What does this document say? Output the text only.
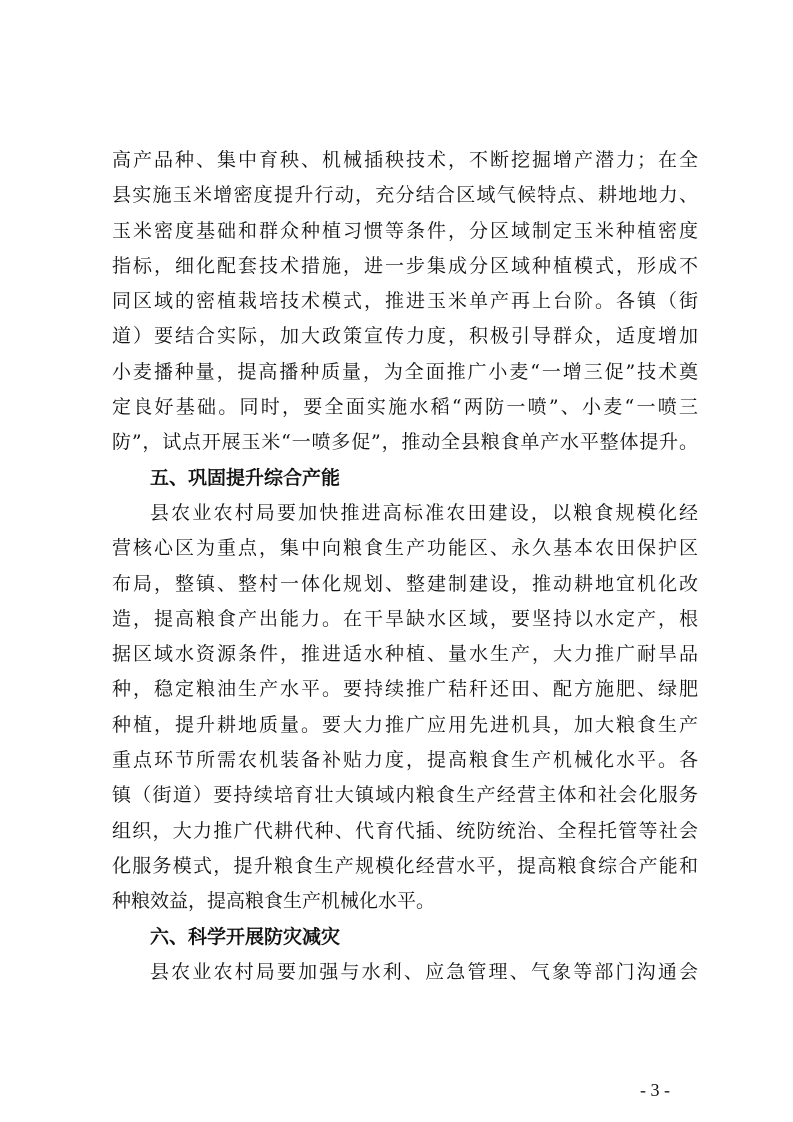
高产品种、集中育秧、机械插秧技术，不断挖掘增产潜力；在全
县实施玉米增密度提升行动，充分结合区域气候特点、耕地地力、
玉米密度基础和群众种植习惯等条件，分区域制定玉米种植密度
指标，细化配套技术措施，进一步集成分区域种植模式，形成不
同区域的密植栽培技术模式，推进玉米单产再上台阶。各镇（街
道）要结合实际，加大政策宣传力度，积极引导群众，适度增加
小麦播种量，提高播种质量，为全面推广小麦“一增三促”技术奠
定良好基础。同时，要全面实施水稻“两防一喷”、小麦“一喷三
防”，试点开展玉米“一喷多促”，推动全县粮食单产水平整体提升。
五、巩固提升综合产能
县农业农村局要加快推进高标准农田建设，以粮食规模化经
营核心区为重点，集中向粮食生产功能区、永久基本农田保护区
布局，整镇、整村一体化规划、整建制建设，推动耕地宜机化改
造，提高粮食产出能力。在干旱缺水区域，要坚持以水定产，根
据区域水资源条件，推进适水种植、量水生产，大力推广耐旱品
种，稳定粮油生产水平。要持续推广秸秆还田、配方施肥、绿肥
种植，提升耕地质量。要大力推广应用先进机具，加大粮食生产
重点环节所需农机装备补贴力度，提高粮食生产机械化水平。各
镇（街道）要持续培育壮大镇域内粮食生产经营主体和社会化服务
组织，大力推广代耕代种、代育代插、统防统治、全程托管等社会
化服务模式，提升粮食生产规模化经营水平，提高粮食综合产能和
种粮效益，提高粮食生产机械化水平。
六、科学开展防灾减灾
县农业农村局要加强与水利、应急管理、气象等部门沟通会
- 3 -
